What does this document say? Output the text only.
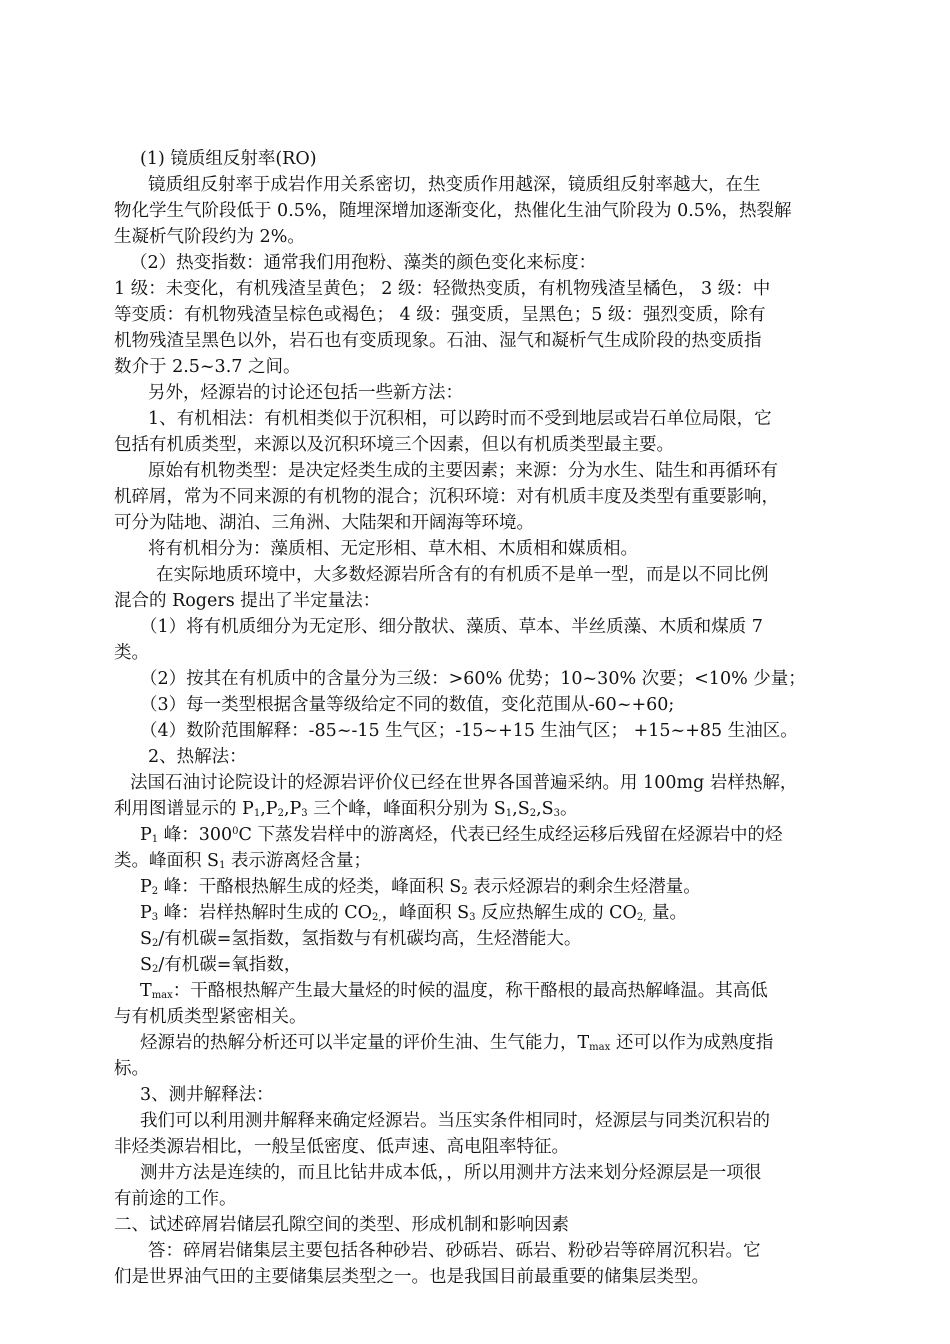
(1) 镜质组反射率(RO)
镜质组反射率于成岩作用关系密切，热变质作用越深，镜质组反射率越大，在生
物化学生气阶段低于 0.5%，随埋深增加逐渐变化，热催化生油气阶段为 0.5%，热裂解
生凝析气阶段约为 2%。
（2）热变指数：通常我们用孢粉、藻类的颜色变化来标度：
1 级：未变化，有机残渣呈黄色； 2 级：轻微热变质，有机物残渣呈橘色， 3 级：中
等变质：有机物残渣呈棕色或褐色； 4 级：强变质，呈黑色；5 级：强烈变质，除有
机物残渣呈黑色以外，岩石也有变质现象。石油、湿气和凝析气生成阶段的热变质指
数介于 2.5~3.7 之间。
另外，烃源岩的讨论还包括一些新方法：
1、有机相法：有机相类似于沉积相，可以跨时而不受到地层或岩石单位局限，它
包括有机质类型，来源以及沉积环境三个因素，但以有机质类型最主要。
原始有机物类型：是决定烃类生成的主要因素；来源：分为水生、陆生和再循环有
机碎屑，常为不同来源的有机物的混合；沉积环境：对有机质丰度及类型有重要影响，
可分为陆地、湖泊、三角洲、大陆架和开阔海等环境。
将有机相分为：藻质相、无定形相、草木相、木质相和媒质相。
在实际地质环境中，大多数烃源岩所含有的有机质不是单一型，而是以不同比例
混合的 Rogers 提出了半定量法：
（1）将有机质细分为无定形、细分散状、藻质、草本、半丝质藻、木质和煤质 7
类。
（2）按其在有机质中的含量分为三级：>60% 优势；10~30% 次要；<10% 少量；
（3）每一类型根据含量等级给定不同的数值，变化范围从-60~+60;
（4）数阶范围解释：-85~-15 生气区；-15~+15 生油气区； +15~+85 生油区。
2、热解法：
法国石油讨论院设计的烃源岩评价仪已经在世界各国普遍采纳。用 100mg 岩样热解，
利用图谱显示的 $P_1,P_2,P_3$ 三个峰，峰面积分别为 $S_1,S_2,S_3$。
$P_1$ 峰：$300^0C$ 下蒸发岩样中的游离烃，代表已经生成经运移后残留在烃源岩中的烃
类。峰面积 $S_1$ 表示游离烃含量；
$P_2$ 峰：干酪根热解生成的烃类，峰面积 $S_2$ 表示烃源岩的剩余生烃潜量。
$P_3$ 峰：岩样热解时生成的 $CO_{2,}$，峰面积 $S_3$ 反应热解生成的 $CO_{2,}$ 量。
$S_2/$有机碳=氢指数，氢指数与有机碳均高，生烃潜能大。
$S_2/$有机碳=氧指数，
$T_{max}$：干酪根热解产生最大量烃的时候的温度，称干酪根的最高热解峰温。其高低
与有机质类型紧密相关。
烃源岩的热解分析还可以半定量的评价生油、生气能力，$T_{max}$ 还可以作为成熟度指
标。
3、测井解释法：
我们可以利用测井解释来确定烃源岩。当压实条件相同时，烃源层与同类沉积岩的
非烃类源岩相比，一般呈低密度、低声速、高电阻率特征。
测井方法是连续的，而且比钻井成本低，，所以用测井方法来划分烃源层是一项很
有前途的工作。
二、试述碎屑岩储层孔隙空间的类型、形成机制和影响因素
答：碎屑岩储集层主要包括各种砂岩、砂砾岩、砾岩、粉砂岩等碎屑沉积岩。它
们是世界油气田的主要储集层类型之一。也是我国目前最重要的储集层类型。
